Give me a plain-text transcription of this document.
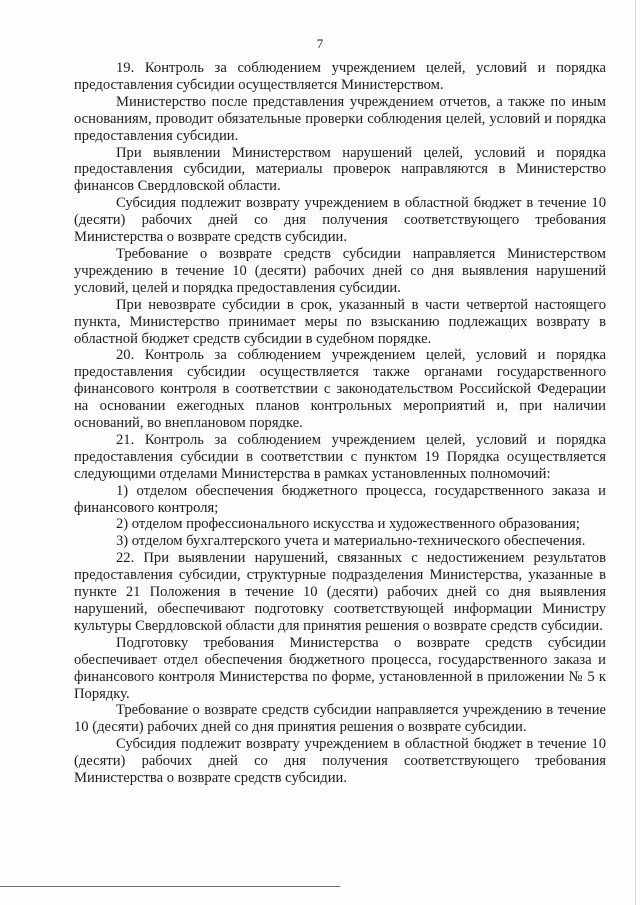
7

19. Контроль за соблюдением учреждением целей, условий и порядка предоставления субсидии осуществляется Министерством.

Министерство после представления учреждением отчетов, а также по иным основаниям, проводит обязательные проверки соблюдения целей, условий и порядка предоставления субсидии.

При выявлении Министерством нарушений целей, условий и порядка предоставления субсидии, материалы проверок направляются в Министерство финансов Свердловской области.

Субсидия подлежит возврату учреждением в областной бюджет в течение 10 (десяти) рабочих дней со дня получения соответствующего требования Министерства о возврате средств субсидии.

Требование о возврате средств субсидии направляется Министерством учреждению в течение 10 (десяти) рабочих дней со дня выявления нарушений условий, целей и порядка предоставления субсидии.

При невозврате субсидии в срок, указанный в части четвертой настоящего пункта, Министерство принимает меры по взысканию подлежащих возврату в областной бюджет средств субсидии в судебном порядке.

20. Контроль за соблюдением учреждением целей, условий и порядка предоставления субсидии осуществляется также органами государственного финансового контроля в соответствии с законодательством Российской Федерации на основании ежегодных планов контрольных мероприятий и, при наличии оснований, во внеплановом порядке.

21. Контроль за соблюдением учреждением целей, условий и порядка предоставления субсидии в соответствии с пунктом 19 Порядка осуществляется следующими отделами Министерства в рамках установленных полномочий:

1) отделом обеспечения бюджетного процесса, государственного заказа и финансового контроля;

2) отделом профессионального искусства и художественного образования;

3) отделом бухгалтерского учета и материально-технического обеспечения.

22. При выявлении нарушений, связанных с недостижением результатов предоставления субсидии, структурные подразделения Министерства, указанные в пункте 21 Положения в течение 10 (десяти) рабочих дней со дня выявления нарушений, обеспечивают подготовку соответствующей информации Министру культуры Свердловской области для принятия решения о возврате средств субсидии.

Подготовку требования Министерства о возврате средств субсидии обеспечивает отдел обеспечения бюджетного процесса, государственного заказа и финансового контроля Министерства по форме, установленной в приложении № 5 к Порядку.

Требование о возврате средств субсидии направляется учреждению в течение 10 (десяти) рабочих дней со дня принятия решения о возврате субсидии.

Субсидия подлежит возврату учреждением в областной бюджет в течение 10 (десяти) рабочих дней со дня получения соответствующего требования Министерства о возврате средств субсидии.
